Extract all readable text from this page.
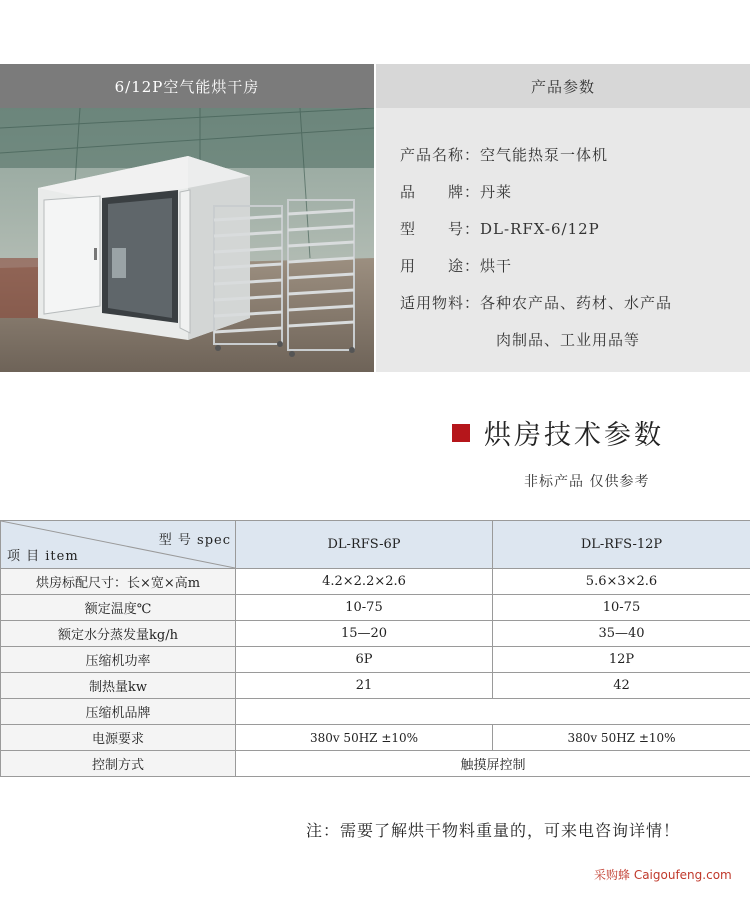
6/12P空气能烘干房	产品参数
产品名称：空气能热泵一体机
品　　牌：丹莱
型　　号：DL-RFX-6/12P
用　　途：烘干
适用物料：各种农产品、药材、水产品
肉制品、工业用品等
烘房技术参数
非标产品 仅供参考
型 号 spec
项 目 item	DL-RFS-6P	DL-RFS-12P
烘房标配尺寸：长×宽×高m	4.2×2.2×2.6	5.6×3×2.6
额定温度℃	10-75	10-75
额定水分蒸发量kg/h	15—20	35—40
压缩机功率	6P	12P
制热量kw	21	42
压缩机品牌		
电源要求	380v 50HZ ±10%	380v 50HZ ±10%
控制方式	触摸屏控制	
注：需要了解烘干物料重量的，可来电咨询详情！
采购蜂 Caigoufeng.com
